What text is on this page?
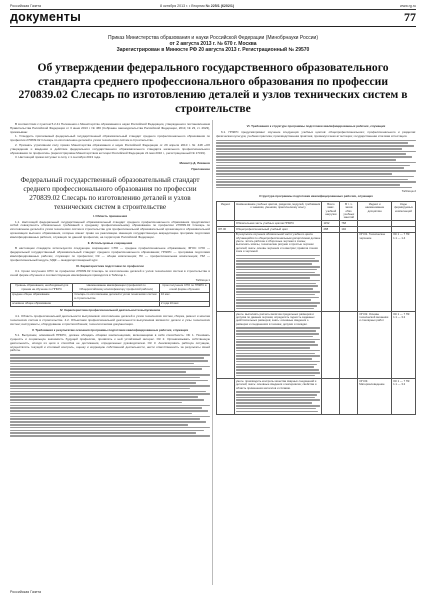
Российская Газета	8 октября 2013 г. • Вторник № 225/1 (6202/1)	www.rg.ru
документы	77
Приказ Министерства образования и науки Российской Федерации (Минобрнауки России)
от 2 августа 2013 г. № 670 г. Москва
Зарегистрирован в Минюсте РФ 20 августа 2013 г. Регистрационный № 29570
Об утверждении федерального государственного образовательного стандарта среднего профессионального образования по профессии 270839.02 Слесарь по изготовлению деталей и узлов технических систем в строительстве

В соответствии с пунктом 5.2.41 Положения о Министерстве образования и науки Российской Федерации, утвержденного постановлением Правительства Российской Федерации от 3 июня 2013 г. № 466 (Собрание законодательства Российской Федерации, 2013, № 23, ст. 2923), приказываю:

1. Утвердить прилагаемый федеральный государственный образовательный стандарт среднего профессионального образования по профессии 270839.02 Слесарь по изготовлению деталей и узлов технических систем в строительстве.

2. Признать утратившим силу приказ Министерства образования и науки Российской Федерации от 29 апреля 2010 г. № 448 «Об утверждении и введении в действие федерального государственного образовательного стандарта начального профессионального образования по профессии» (зарегистрирован Министерством юстиции Российской Федерации 21 мая 2010 г., регистрационный № 17319).

3. Настоящий приказ вступает в силу с 1 сентября 2013 года.

Министр Д. Ливанов
Приложение
Федеральный государственный образовательный стандарт среднего профессионального образования по профессии 270839.02 Слесарь по изготовлению деталей и узлов технических систем в строительстве
I. Область применения

1.1. Настоящий федеральный государственный образовательный стандарт среднего профессионального образования представляет собой совокупность обязательных требований к среднему профессиональному образованию по профессии 270839.02 Слесарь по изготовлению деталей и узлов технических систем в строительстве для профессиональной образовательной организации и образовательной организации высшего образования, которые имеют право на реализацию имеющих государственную аккредитацию программ подготовки квалифицированных рабочих, служащих по данной профессии, на территории Российской Федерации.

II. Используемые сокращения

В настоящем стандарте используются следующие сокращения: СПО — среднее профессиональное образование; ФГОС СПО — федеральный государственный образовательный стандарт среднего профессионального образования; ППКРС — программа подготовки квалифицированных рабочих, служащих по профессии; ОК — общая компетенция; ПК — профессиональная компетенция; ПМ — профессиональный модуль; МДК — междисциплинарный курс.

III. Характеристика подготовки по профессии

3.1. Сроки получения СПО по профессии 270839.02 Слесарь по изготовлению деталей и узлов технических систем в строительстве в очной форме обучения и соответствующие квалификации приводятся в Таблице 1.

Таблица 1
Уровень образования, необходимый для приема на обучение по ППКРС	Наименование квалификации (профессий по Общероссийскому классификатору профессий рабочих)	Срок получения СПО по ППКРС в очной форме обучения
среднее общее образование	Слесарь по изготовлению деталей и узлов технических систем в строительстве	10 мес.
основное общее образование		2 года 10 мес.
IV. Характеристика профессиональной деятельности выпускников

4.1. Область профессиональной деятельности выпускников: изготовление деталей и узлов технических систем, сборка, ремонт и монтаж технических систем в строительстве. 4.2. Объектами профессиональной деятельности выпускников являются: детали и узлы технических систем; инструменты, оборудование и приспособления; технологическая документация.

V. Требования к результатам освоения программы подготовки квалифицированных рабочих, служащих

5.1. Выпускник, освоивший ППКРС, должен обладать общими компетенциями, включающими в себя способность: ОК 1. Понимать сущность и социальную значимость будущей профессии, проявлять к ней устойчивый интерес. ОК 2. Организовывать собственную деятельность, исходя из цели и способов ее достижения, определенных руководителем. ОК 3. Анализировать рабочую ситуацию, осуществлять текущий и итоговый контроль, оценку и коррекцию собственной деятельности, нести ответственность за результаты своей работы.

VI. Требования к структуре программы подготовки квалифицированных рабочих, служащих

6.1. ППКРС предусматривает изучение следующих учебных циклов: общепрофессионального; профессионального и разделов: физическая культура; учебная практика; производственная практика; промежуточная аттестация; государственная итоговая аттестация.

Таблица 2
Структура программы подготовки квалифицированных рабочих, служащих
Индекс	Наименование учебных циклов, разделов, модулей, требования к знаниям, умениям, практическому опыту	Всего макс. учебной нагрузки	В т. ч. часов обяз. учебных занятий	Индекс и наименование дисциплин	Коды формируемых компетенций
	Обязательная часть учебных циклов ППКРС	1152	768		
ОП.00	Общепрофессиональный учебный цикл	288	192		
	В результате изучения обязательной части учебного цикла обучающийся по общепрофессиональным дисциплинам должен уметь: читать рабочие и сборочные чертежи и схемы; выполнять эскизы, технические рисунки и простые чертежи деталей; знать: основы черчения и геометрии; правила чтения схем и чертежей.			ОП.01. Техническое черчение	ОК 1 — 7 ПК 1.1 — 1.4
	уметь: выполнять расчеты величин предельных размеров и допуска по данным чертежа; определять годность заданных действительных размеров; знать: основные сведения о размерах и соединениях в технике; допуски и посадки.			ОП.02. Основы технической механики и слесарных работ	ОК 1 — 7 ПК 1.1 — 3.2
	уметь: производить контроль качества сварных соединений и деталей; знать: основные сведения о материалах; свойства и область применения металлов и сплавов.			ОП.03. Материаловедение	ОК 1 — 7 ПК 1.1 — 3.2
Российская Газета
